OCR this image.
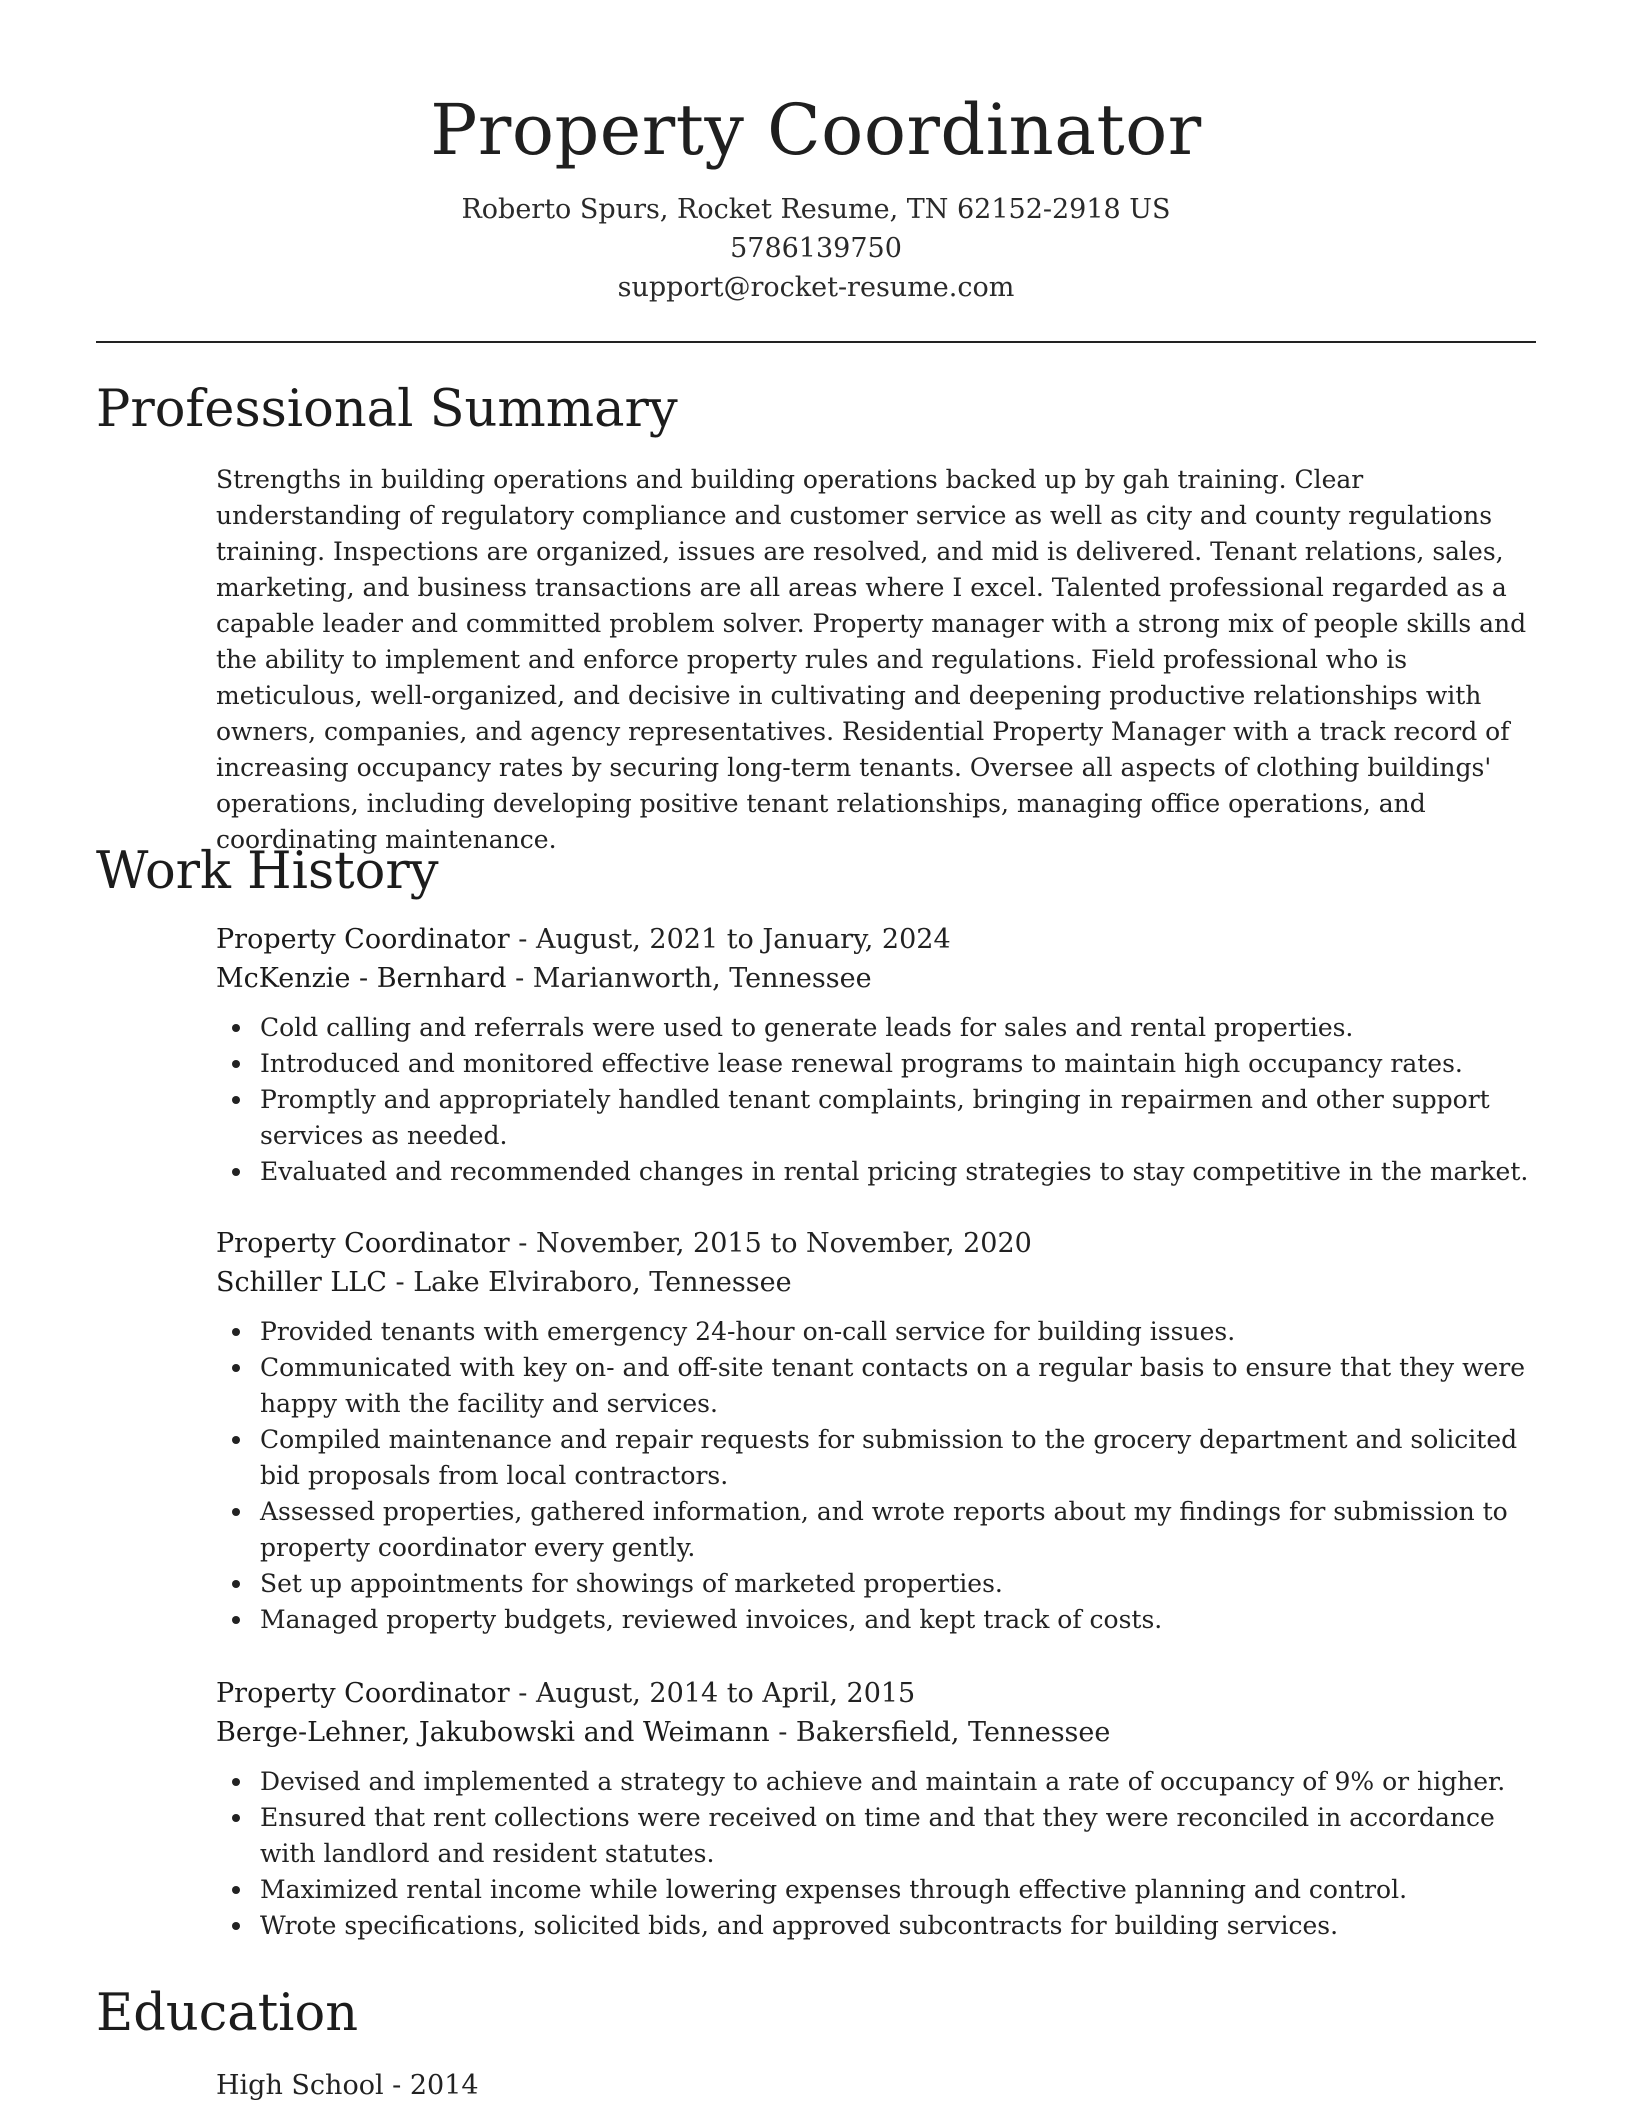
Property Coordinator
Roberto Spurs, Rocket Resume, TN 62152-2918 US
5786139750
support@rocket-resume.com
Professional Summary

Strengths in building operations and building operations backed up by gah training. Clear understanding of regulatory compliance and customer service as well as city and county regulations training. Inspections are organized, issues are resolved, and mid is delivered. Tenant relations, sales, marketing, and business transactions are all areas where I excel. Talented professional regarded as a capable leader and committed problem solver. Property manager with a strong mix of people skills and the ability to implement and enforce property rules and regulations. Field professional who is meticulous, well-organized, and decisive in cultivating and deepening productive relationships with owners, companies, and agency representatives. Residential Property Manager with a track record of increasing occupancy rates by securing long-term tenants. Oversee all aspects of clothing buildings' operations, including developing positive tenant relationships, managing office operations, and coordinating maintenance.

Work History
Property Coordinator - August, 2021 to January, 2024
McKenzie - Bernhard - Marianworth, Tennessee
Cold calling and referrals were used to generate leads for sales and rental properties.
Introduced and monitored effective lease renewal programs to maintain high occupancy rates.
Promptly and appropriately handled tenant complaints, bringing in repairmen and other support services as needed.
Evaluated and recommended changes in rental pricing strategies to stay competitive in the market.
Property Coordinator - November, 2015 to November, 2020
Schiller LLC - Lake Elviraboro, Tennessee
Provided tenants with emergency 24-hour on-call service for building issues.
Communicated with key on- and off-site tenant contacts on a regular basis to ensure that they were happy with the facility and services.
Compiled maintenance and repair requests for submission to the grocery department and solicited bid proposals from local contractors.
Assessed properties, gathered information, and wrote reports about my findings for submission to property coordinator every gently.
Set up appointments for showings of marketed properties.
Managed property budgets, reviewed invoices, and kept track of costs.
Property Coordinator - August, 2014 to April, 2015
Berge-Lehner, Jakubowski and Weimann - Bakersfield, Tennessee
Devised and implemented a strategy to achieve and maintain a rate of occupancy of 9% or higher.
Ensured that rent collections were received on time and that they were reconciled in accordance with landlord and resident statutes.
Maximized rental income while lowering expenses through effective planning and control.
Wrote specifications, solicited bids, and approved subcontracts for building services.
Education
High School - 2014
